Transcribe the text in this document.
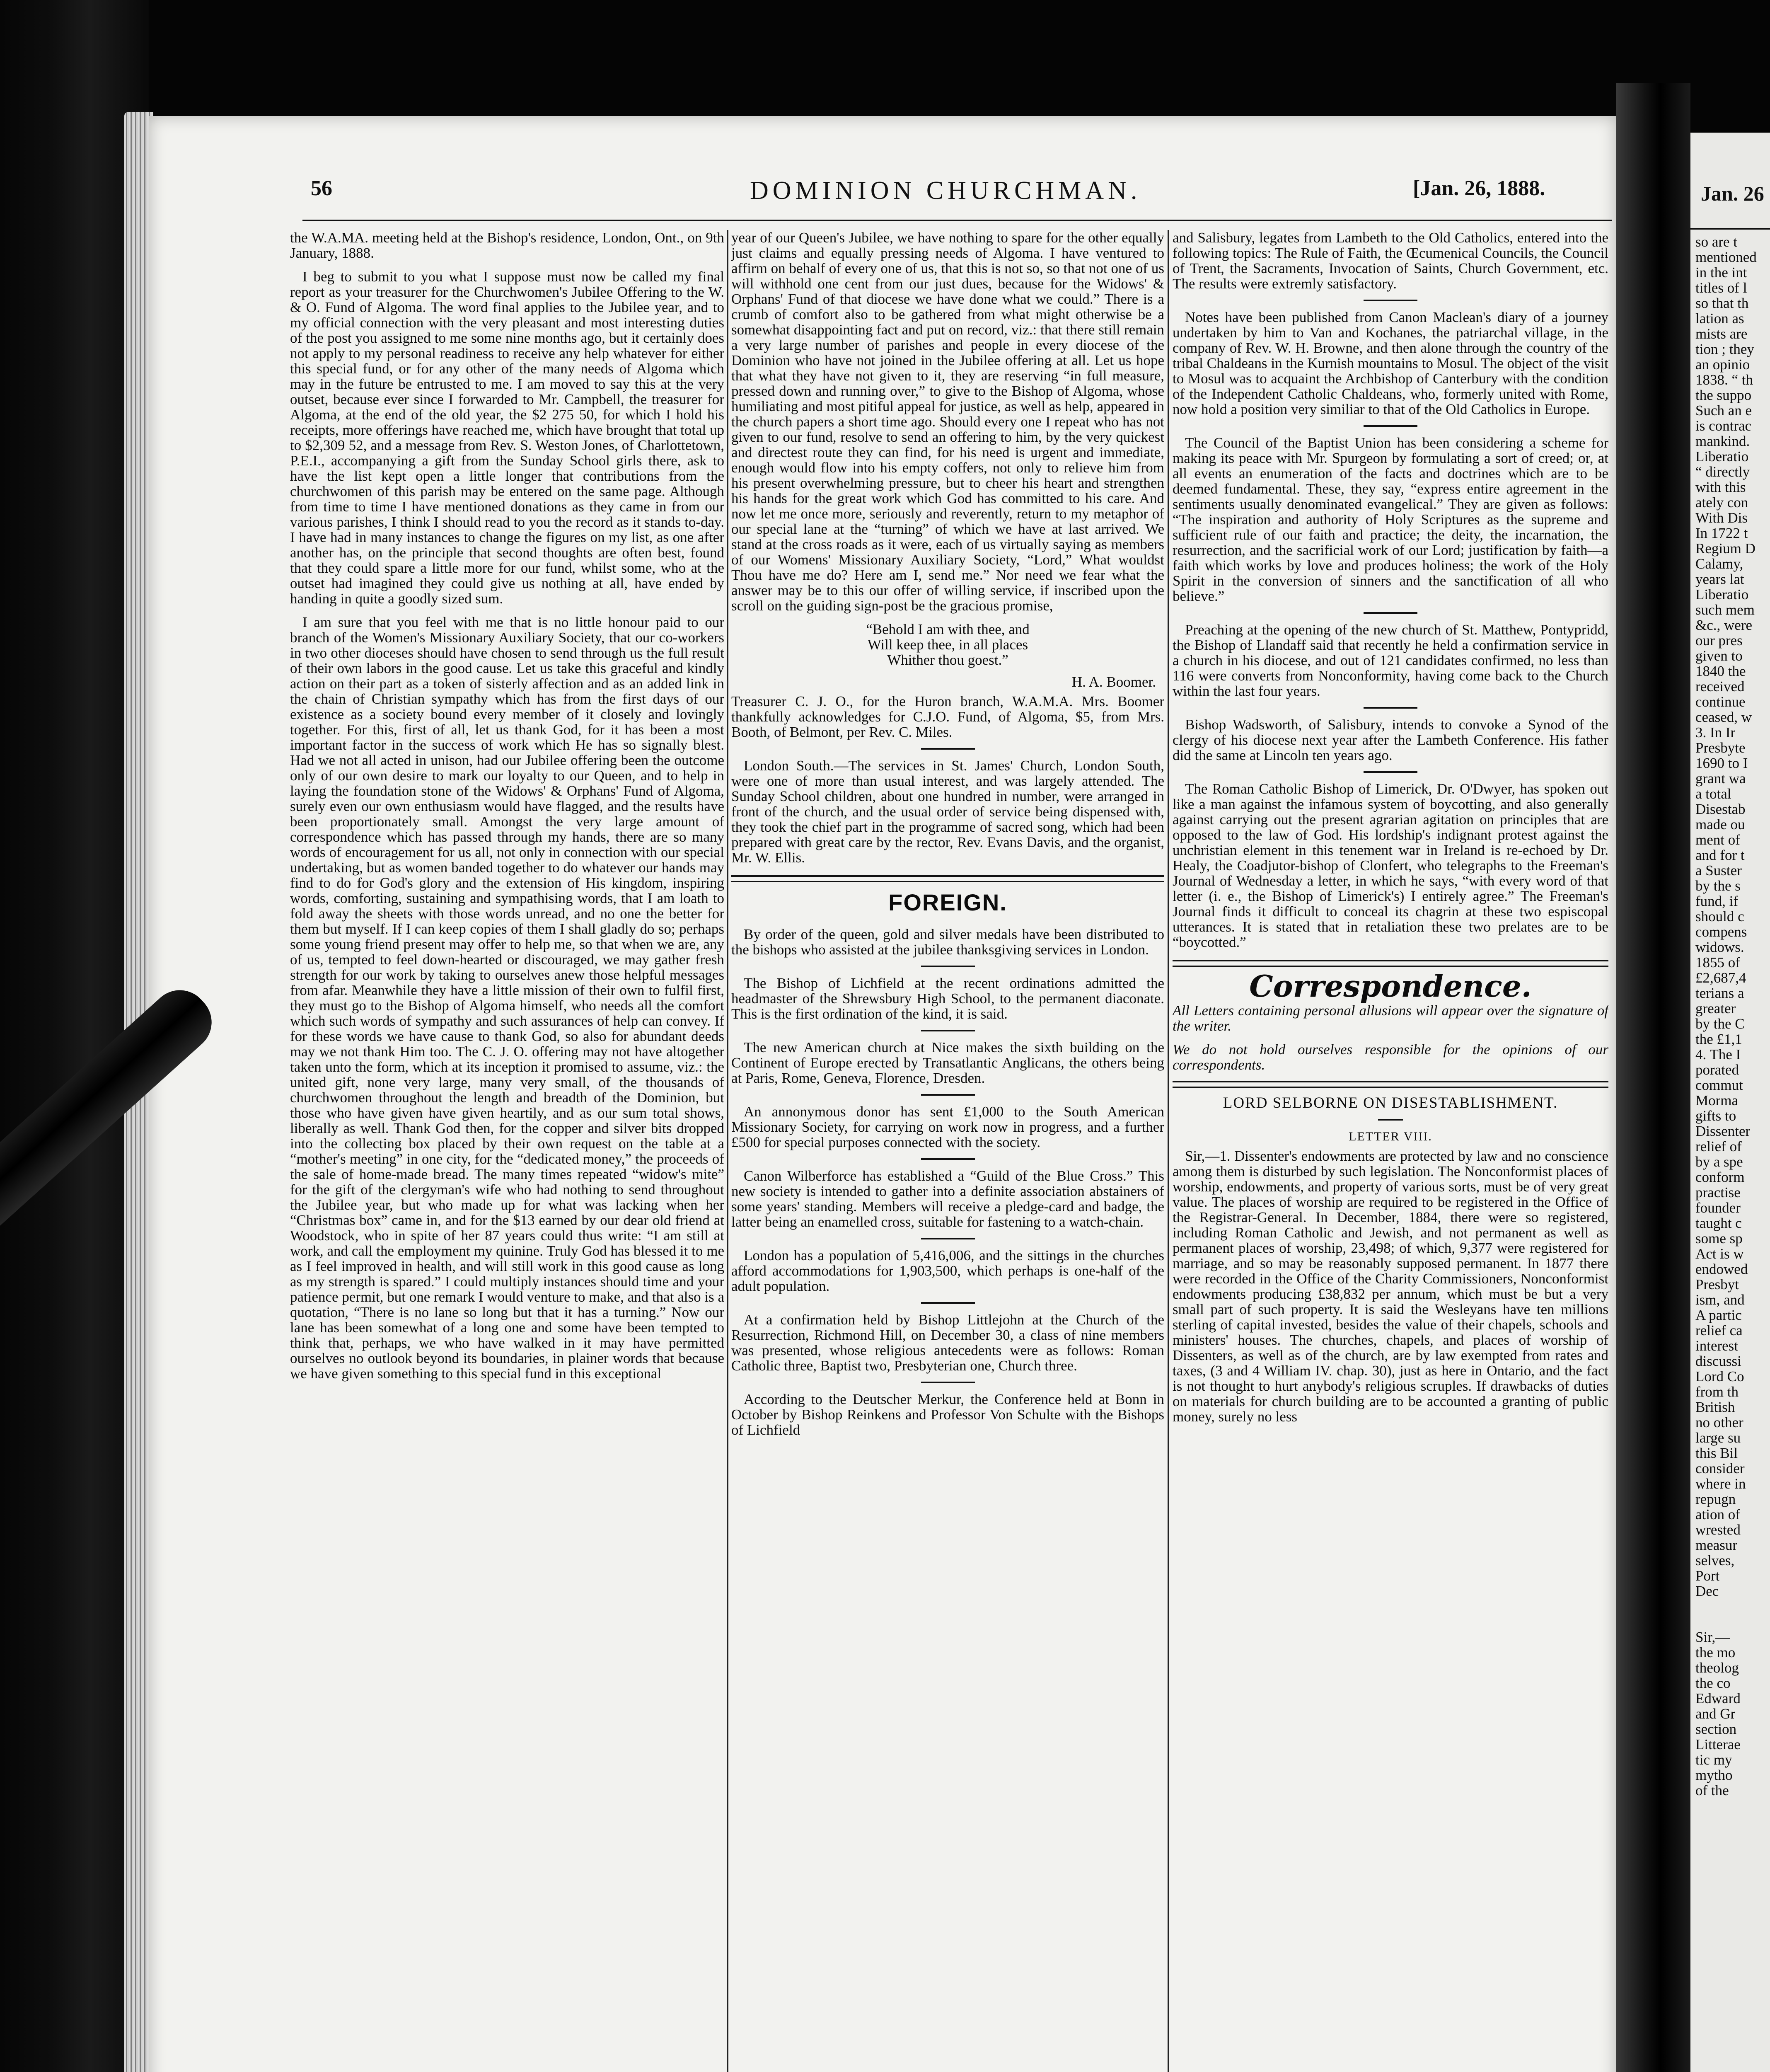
Jan. 26
so are t
mentioned
in the int
titles of l
so that th
lation as
mists are
tion ; they
an opinio
1838. “ th
the suppo
Such an e
is contrac
mankind.
Liberatio
“ directly
with this
ately con
With Dis
In 1722 t
Regium D
Calamy,
years lat
Liberatio
such mem
&c., were
our pres
given to
1840 the
received
continue
ceased, w
3. In Ir
Presbyte
1690 to I
grant wa
a total
Disestab
made ou
ment of
and for t
a Suster
by the s
fund, if
should c
compens
widows.
1855 of
£2,687,4
terians a
greater
by the C
the £1,1
4. The I
porated
commut
Morma
gifts to
Dissenter
relief of
by a spe
conform
practise
founder
taught c
some sp
Act is w
endowed
Presbyt
ism, and
A partic
relief ca
interest
discussi
Lord Co
from th
British
no other
large su
this Bil
consider
where in
repugn
ation of
wrested
measur
selves,
Port
Dec

Sir,—
the mo
theolog
the co
Edward
and Gr
section
Litterae
tic my
mytho
of the
56	DOMINION CHURCHMAN.	[Jan. 26, 1888.

the W.A.MA. meeting held at the Bishop's residence, London, Ont., on 9th January, 1888.

I beg to submit to you what I suppose must now be called my final report as your treasurer for the Churchwomen's Jubilee Offering to the W. & O. Fund of Algoma. The word final applies to the Jubilee year, and to my official connection with the very pleasant and most interesting duties of the post you assigned to me some nine months ago, but it certainly does not apply to my personal readiness to receive any help whatever for either this special fund, or for any other of the many needs of Algoma which may in the future be entrusted to me. I am moved to say this at the very outset, because ever since I forwarded to Mr. Campbell, the treasurer for Algoma, at the end of the old year, the $2 275 50, for which I hold his receipts, more offerings have reached me, which have brought that total up to $2,309 52, and a message from Rev. S. Weston Jones, of Charlottetown, P.E.I., accompanying a gift from the Sunday School girls there, ask to have the list kept open a little longer that contributions from the churchwomen of this parish may be entered on the same page. Although from time to time I have mentioned donations as they came in from our various parishes, I think I should read to you the record as it stands to-day. I have had in many instances to change the figures on my list, as one after another has, on the principle that second thoughts are often best, found that they could spare a little more for our fund, whilst some, who at the outset had imagined they could give us nothing at all, have ended by handing in quite a goodly sized sum.

I am sure that you feel with me that is no little honour paid to our branch of the Women's Missionary Auxiliary Society, that our co-workers in two other dioceses should have chosen to send through us the full result of their own labors in the good cause. Let us take this graceful and kindly action on their part as a token of sisterly affection and as an added link in the chain of Christian sympathy which has from the first days of our existence as a society bound every member of it closely and lovingly together. For this, first of all, let us thank God, for it has been a most important factor in the success of work which He has so signally blest. Had we not all acted in unison, had our Jubilee offering been the outcome only of our own desire to mark our loyalty to our Queen, and to help in laying the foundation stone of the Widows' & Orphans' Fund of Algoma, surely even our own enthusiasm would have flagged, and the results have been proportionately small. Amongst the very large amount of correspondence which has passed through my hands, there are so many words of encouragement for us all, not only in connection with our special undertaking, but as women banded together to do whatever our hands may find to do for God's glory and the extension of His kingdom, inspiring words, comforting, sustaining and sympathising words, that I am loath to fold away the sheets with those words unread, and no one the better for them but myself. If I can keep copies of them I shall gladly do so; perhaps some young friend present may offer to help me, so that when we are, any of us, tempted to feel down-hearted or discouraged, we may gather fresh strength for our work by taking to ourselves anew those helpful messages from afar. Meanwhile they have a little mission of their own to fulfil first, they must go to the Bishop of Algoma himself, who needs all the comfort which such words of sympathy and such assurances of help can convey. If for these words we have cause to thank God, so also for abundant deeds may we not thank Him too. The C. J. O. offering may not have altogether taken unto the form, which at its inception it promised to assume, viz.: the united gift, none very large, many very small, of the thousands of churchwomen throughout the length and breadth of the Dominion, but those who have given have given heartily, and as our sum total shows, liberally as well. Thank God then, for the copper and silver bits dropped into the collecting box placed by their own request on the table at a “mother's meeting” in one city, for the “dedicated money,” the proceeds of the sale of home-made bread. The many times repeated “widow's mite” for the gift of the clergyman's wife who had nothing to send throughout the Jubilee year, but who made up for what was lacking when her “Christmas box” came in, and for the $13 earned by our dear old friend at Woodstock, who in spite of her 87 years could thus write: “I am still at work, and call the employment my quinine. Truly God has blessed it to me as I feel improved in health, and will still work in this good cause as long as my strength is spared.” I could multiply instances should time and your patience permit, but one remark I would venture to make, and that also is a quotation, “There is no lane so long but that it has a turning.” Now our lane has been somewhat of a long one and some have been tempted to think that, perhaps, we who have walked in it may have permitted ourselves no outlook beyond its boundaries, in plainer words that because we have given something to this special fund in this exceptional

year of our Queen's Jubilee, we have nothing to spare for the other equally just claims and equally pressing needs of Algoma. I have ventured to affirm on behalf of every one of us, that this is not so, so that not one of us will withhold one cent from our just dues, because for the Widows' & Orphans' Fund of that diocese we have done what we could.” There is a crumb of comfort also to be gathered from what might otherwise be a somewhat disappointing fact and put on record, viz.: that there still remain a very large number of parishes and people in every diocese of the Dominion who have not joined in the Jubilee offering at all. Let us hope that what they have not given to it, they are reserving “in full measure, pressed down and running over,” to give to the Bishop of Algoma, whose humiliating and most pitiful appeal for justice, as well as help, appeared in the church papers a short time ago. Should every one I repeat who has not given to our fund, resolve to send an offering to him, by the very quickest and directest route they can find, for his need is urgent and immediate, enough would flow into his empty coffers, not only to relieve him from his present overwhelming pressure, but to cheer his heart and strengthen his hands for the great work which God has committed to his care. And now let me once more, seriously and reverently, return to my metaphor of our special lane at the “turning” of which we have at last arrived. We stand at the cross roads as it were, each of us virtually saying as members of our Womens' Missionary Auxiliary Society, “Lord,” What wouldst Thou have me do? Here am I, send me.” Nor need we fear what the answer may be to this our offer of willing service, if inscribed upon the scroll on the guiding sign-post be the gracious promise,

“Behold I am with thee, and
Will keep thee, in all places
Whither thou goest.”
H. A. Boomer.

Treasurer C. J. O., for the Huron branch, W.A.M.A. Mrs. Boomer thankfully acknowledges for C.J.O. Fund, of Algoma, $5, from Mrs. Booth, of Belmont, per Rev. C. Miles.

London South.—The services in St. James' Church, London South, were one of more than usual interest, and was largely attended. The Sunday School children, about one hundred in number, were arranged in front of the church, and the usual order of service being dispensed with, they took the chief part in the programme of sacred song, which had been prepared with great care by the rector, Rev. Evans Davis, and the organist, Mr. W. Ellis.

FOREIGN.

By order of the queen, gold and silver medals have been distributed to the bishops who assisted at the jubilee thanksgiving services in London.

The Bishop of Lichfield at the recent ordinations admitted the headmaster of the Shrewsbury High School, to the permanent diaconate. This is the first ordination of the kind, it is said.

The new American church at Nice makes the sixth building on the Continent of Europe erected by Transatlantic Anglicans, the others being at Paris, Rome, Geneva, Florence, Dresden.

An annonymous donor has sent £1,000 to the South American Missionary Society, for carrying on work now in progress, and a further £500 for special purposes connected with the society.

Canon Wilberforce has established a “Guild of the Blue Cross.” This new society is intended to gather into a definite association abstainers of some years' standing. Members will receive a pledge-card and badge, the latter being an enamelled cross, suitable for fastening to a watch-chain.

London has a population of 5,416,006, and the sittings in the churches afford accommodations for 1,903,500, which perhaps is one-half of the adult population.

At a confirmation held by Bishop Littlejohn at the Church of the Resurrection, Richmond Hill, on December 30, a class of nine members was presented, whose religious antecedents were as follows: Roman Catholic three, Baptist two, Presbyterian one, Church three.

According to the Deutscher Merkur, the Conference held at Bonn in October by Bishop Reinkens and Professor Von Schulte with the Bishops of Lichfield

and Salisbury, legates from Lambeth to the Old Catholics, entered into the following topics: The Rule of Faith, the Œcumenical Councils, the Council of Trent, the Sacraments, Invocation of Saints, Church Government, etc. The results were extremly satisfactory.

Notes have been published from Canon Maclean's diary of a journey undertaken by him to Van and Kochanes, the patriarchal village, in the company of Rev. W. H. Browne, and then alone through the country of the tribal Chaldeans in the Kurnish mountains to Mosul. The object of the visit to Mosul was to acquaint the Archbishop of Canterbury with the condition of the Independent Catholic Chaldeans, who, formerly united with Rome, now hold a position very similiar to that of the Old Catholics in Europe.

The Council of the Baptist Union has been considering a scheme for making its peace with Mr. Spurgeon by formulating a sort of creed; or, at all events an enumeration of the facts and doctrines which are to be deemed fundamental. These, they say, “express entire agreement in the sentiments usually denominated evangelical.” They are given as follows: “The inspiration and authority of Holy Scriptures as the supreme and sufficient rule of our faith and practice; the deity, the incarnation, the resurrection, and the sacrificial work of our Lord; justification by faith—a faith which works by love and produces holiness; the work of the Holy Spirit in the conversion of sinners and the sanctification of all who believe.”

Preaching at the opening of the new church of St. Matthew, Pontypridd, the Bishop of Llandaff said that recently he held a confirmation service in a church in his diocese, and out of 121 candidates confirmed, no less than 116 were converts from Nonconformity, having come back to the Church within the last four years.

Bishop Wadsworth, of Salisbury, intends to convoke a Synod of the clergy of his diocese next year after the Lambeth Conference. His father did the same at Lincoln ten years ago.

The Roman Catholic Bishop of Limerick, Dr. O'Dwyer, has spoken out like a man against the infamous system of boycotting, and also generally against carrying out the present agrarian agitation on principles that are opposed to the law of God. His lordship's indignant protest against the unchristian element in this tenement war in Ireland is re-echoed by Dr. Healy, the Coadjutor-bishop of Clonfert, who telegraphs to the Freeman's Journal of Wednesday a letter, in which he says, “with every word of that letter (i. e., the Bishop of Limerick's) I entirely agree.” The Freeman's Journal finds it difficult to conceal its chagrin at these two espiscopal utterances. It is stated that in retaliation these two prelates are to be “boycotted.”

Correspondence.

All Letters containing personal allusions will appear over the signature of the writer.

We do not hold ourselves responsible for the opinions of our correspondents.

LORD SELBORNE ON DISESTABLISHMENT.
LETTER VIII.

Sir,—1. Dissenter's endowments are protected by law and no conscience among them is disturbed by such legislation. The Nonconformist places of worship, endowments, and property of various sorts, must be of very great value. The places of worship are required to be registered in the Office of the Registrar-General. In December, 1884, there were so registered, including Roman Catholic and Jewish, and not permanent as well as permanent places of worship, 23,498; of which, 9,377 were registered for marriage, and so may be reasonably supposed permanent. In 1877 there were recorded in the Office of the Charity Commissioners, Nonconformist endowments producing £38,832 per annum, which must be but a very small part of such property. It is said the Wesleyans have ten millions sterling of capital invested, besides the value of their chapels, schools and ministers' houses. The churches, chapels, and places of worship of Dissenters, as well as of the church, are by law exempted from rates and taxes, (3 and 4 William IV. chap. 30), just as here in Ontario, and the fact is not thought to hurt anybody's religious scruples. If drawbacks of duties on materials for church building are to be accounted a granting of public money, surely no less
